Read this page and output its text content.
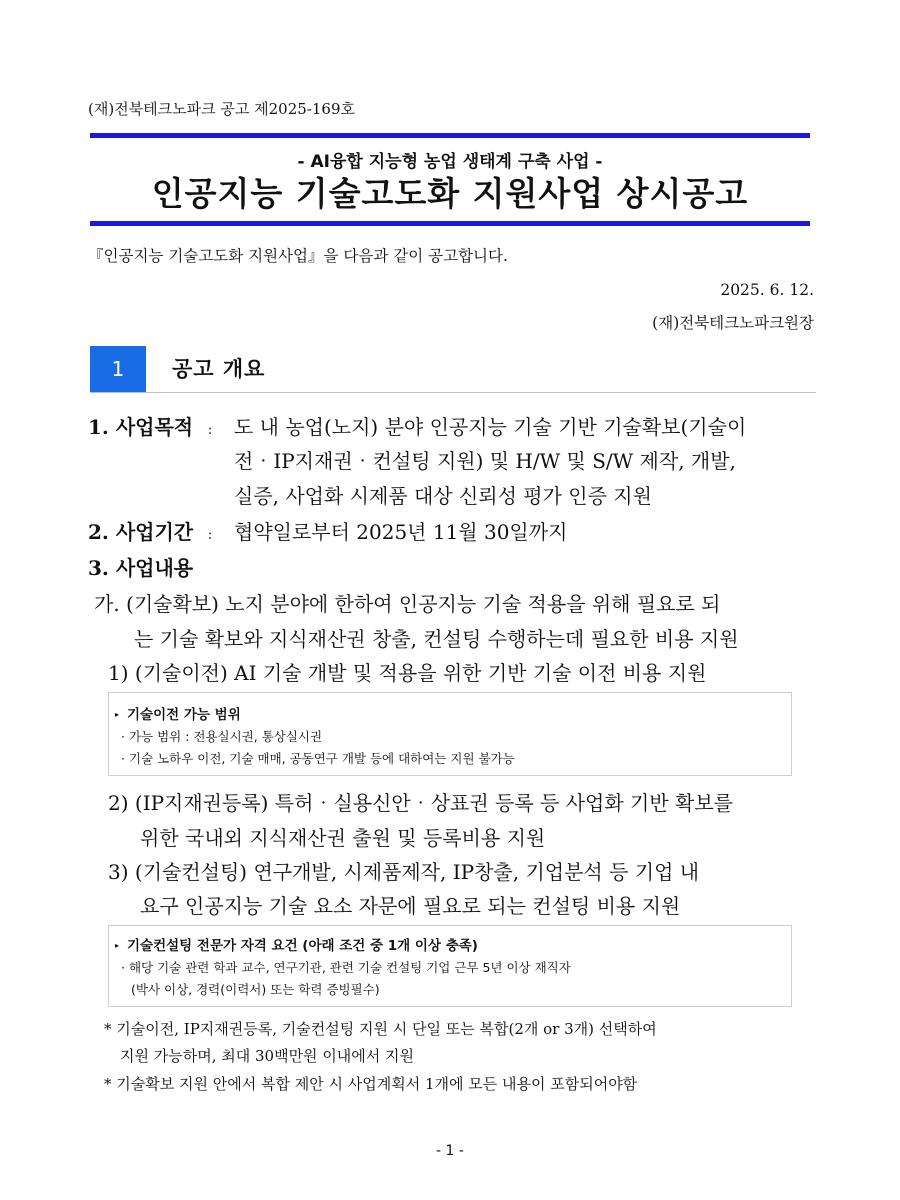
(재)전북테크노파크 공고 제2025-169호
- AI융합 지능형 농업 생태계 구축 사업 -
인공지능 기술고도화 지원사업 상시공고
『인공지능 기술고도화 지원사업』을 다음과 같이 공고합니다.
2025. 6. 12.
(재)전북테크노파크원장
1	공고 개요
1. 사업목적 :	도 내 농업(노지) 분야 인공지능 기술 기반 기술확보(기술이
전‧IP지재권‧컨설팅 지원) 및 H/W 및 S/W 제작, 개발,
실증, 사업화 시제품 대상 신뢰성 평가 인증 지원
2. 사업기간 :	협약일로부터 2025년 11월 30일까지
3. 사업내용
가. (기술확보) 노지 분야에 한하여 인공지능 기술 적용을 위해 필요로 되
는 기술 확보와 지식재산권 창출, 컨설팅 수행하는데 필요한 비용 지원
1) (기술이전) AI 기술 개발 및 적용을 위한 기반 기술 이전 비용 지원
▸ 기술이전 가능 범위
· 가능 범위 : 전용실시권, 통상실시권
· 기술 노하우 이전, 기술 매매, 공동연구 개발 등에 대하여는 지원 불가능
2) (IP지재권등록) 특허‧실용신안‧상표권 등록 등 사업화 기반 확보를
위한 국내외 지식재산권 출원 및 등록비용 지원
3) (기술컨설팅) 연구개발, 시제품제작, IP창출, 기업분석 등 기업 내
요구 인공지능 기술 요소 자문에 필요로 되는 컨설팅 비용 지원
▸ 기술컨설팅 전문가 자격 요건 (아래 조건 중 1개 이상 충족)
· 해당 기술 관련 학과 교수, 연구기관, 관련 기술 컨설팅 기업 근무 5년 이상 재직자
(박사 이상, 경력(이력서) 또는 학력 증빙필수)
* 기술이전, IP지재권등록, 기술컨설팅 지원 시 단일 또는 복합(2개 or 3개) 선택하여
지원 가능하며, 최대 30백만원 이내에서 지원
* 기술확보 지원 안에서 복합 제안 시 사업계획서 1개에 모든 내용이 포함되어야함
- 1 -
